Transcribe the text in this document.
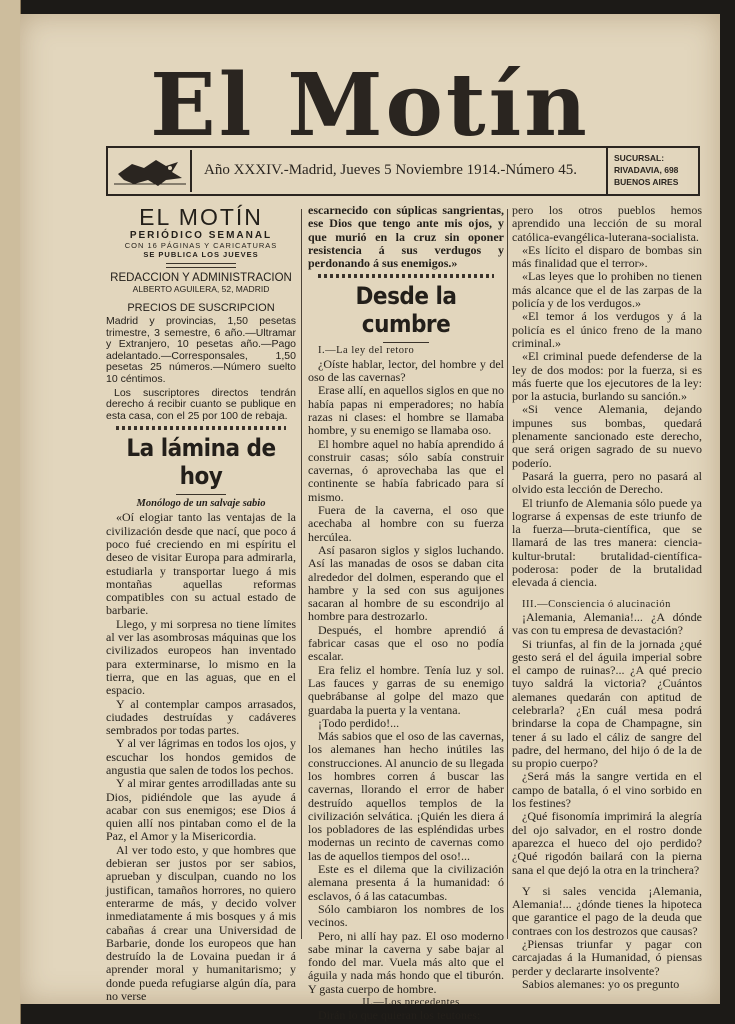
El Motín
Año XXXIV.-Madrid, Jueves 5 Noviembre 1914.-Número 45.
SUCURSAL:
RIVADAVIA, 698
BUENOS AIRES

EL MOTÍN

PERIÓDICO SEMANAL

CON 16 PÁGINAS Y CARICATURAS

SE PUBLICA LOS JUEVES

REDACCION Y ADMINISTRACION

ALBERTO AGUILERA, 52, MADRID

PRECIOS DE SUSCRIPCION

Madrid y provincias, 1,50 pesetas trimestre, 3 semestre, 6 año.—Ultramar y Extranjero, 10 pesetas año.—Pago adelantado.—Corresponsales, 1,50 pesetas 25 números.—Número suelto 10 céntimos.

Los suscriptores directos tendrán derecho á recibir cuanto se publique en esta casa, con el 25 por 100 de rebaja.

La lámina de hoy
Monólogo de un salvaje sabio

«Oí elogiar tanto las ventajas de la civilización desde que nací, que poco á poco fué creciendo en mi espíritu el deseo de visitar Europa para admirarla, estudiarla y transportar luego á mis montañas aquellas reformas compatibles con su actual estado de barbarie.

Llego, y mi sorpresa no tiene límites al ver las asombrosas máquinas que los civilizados europeos han inventado para exterminarse, lo mismo en la tierra, que en las aguas, que en el espacio.

Y al contemplar campos arrasados, ciudades destruídas y cadáveres sembrados por todas partes.

Y al ver lágrimas en todos los ojos, y escuchar los hondos gemidos de angustia que salen de todos los pechos.

Y al mirar gentes arrodilladas ante su Dios, pidiéndole que las ayude á acabar con sus enemigos; ese Dios á quien allí nos pintaban como el de la Paz, el Amor y la Misericordia.

Al ver todo esto, y que hombres que debieran ser justos por ser sabios, aprueban y disculpan, cuando no los justifican, tamaños horrores, no quiero enterarme de más, y decido volver inmediatamente á mis bosques y á mis cabañas á crear una Universidad de Barbarie, donde los europeos que han destruído la de Lovaina puedan ir á aprender moral y humanitarismo; y donde pueda refugiarse algún día, para no verse

escarnecido con súplicas sangrientas, ese Dios que tengo ante mis ojos, y que murió en la cruz sin oponer resistencia á sus verdugos y perdonando á sus enemigos.»

Desde la cumbre

I.—La ley del retoro

¿Oíste hablar, lector, del hombre y del oso de las cavernas?

Erase allí, en aquellos siglos en que no había papas ni emperadores; no había razas ni clases: el hombre se llamaba hombre, y su enemigo se llamaba oso.

El hombre aquel no había aprendido á construir casas; sólo sabía construir cavernas, ó aprovechaba las que el continente se había fabricado para sí mismo.

Fuera de la caverna, el oso que acechaba al hombre con su fuerza hercúlea.

Así pasaron siglos y siglos luchando. Así las manadas de osos se daban cita alrededor del dolmen, esperando que el hambre y la sed con sus aguijones sacaran al hombre de su escondrijo al hombre para destrozarlo.

Después, el hombre aprendió á fabricar casas que el oso no podía escalar.

Era feliz el hombre. Tenía luz y sol. Las fauces y garras de su enemigo quebrábanse al golpe del mazo que guardaba la puerta y la ventana.

¡Todo perdido!...

Más sabios que el oso de las cavernas, los alemanes han hecho inútiles las construcciones. Al anuncio de su llegada los hombres corren á buscar las cavernas, llorando el error de haber destruído aquellos templos de la civilización selvática. ¡Quién les diera á los pobladores de las espléndidas urbes modernas un recinto de cavernas como las de aquellos tiempos del oso!...

Este es el dilema que la civilización alemana presenta á la humanidad: ó esclavos, ó á las catacumbas.

Sólo cambiaron los nombres de los vecinos.

Pero, ni allí hay paz. El oso moderno sabe minar la caverna y sabe bajar al fondo del mar. Vuela más alto que el águila y nada más hondo que el tiburón. Y gasta cuerpo de hombre.

II.—Los precedentes

Dirán lo que quieran los teutones:

pero los otros pueblos hemos aprendido una lección de su moral católica-evangélica-luterana-socialista.

«Es lícito el disparo de bombas sin más finalidad que el terror».

«Las leyes que lo prohiben no tienen más alcance que el de las zarpas de la policía y de los verdugos.»

«El temor á los verdugos y á la policía es el único freno de la mano criminal.»

«El criminal puede defenderse de la ley de dos modos: por la fuerza, si es más fuerte que los ejecutores de la ley: por la astucia, burlando su sanción.»

«Si vence Alemania, dejando impunes sus bombas, quedará plenamente sancionado este derecho, que será origen sagrado de su nuevo poderío.

Pasará la guerra, pero no pasará al olvido esta lección de Derecho.

El triunfo de Alemania sólo puede ya lograrse á expensas de este triunfo de la fuerza—bruta-científica, que se llamará de las tres manera: ciencia-kultur-brutal: brutalidad-científica-poderosa: poder de la brutalidad elevada á ciencia.

III.—Consciencia ó alucinación

¡Alemania, Alemania!... ¿A dónde vas con tu empresa de devastación?

Si triunfas, al fin de la jornada ¿qué gesto será el del águila imperial sobre el campo de ruinas?... ¿A qué precio tuyo saldrá la victoria? ¿Cuántos alemanes quedarán con aptitud de celebrarla? ¿En cuál mesa podrá brindarse la copa de Champagne, sin tener á su lado el cáliz de sangre del padre, del hermano, del hijo ó de la de su propio cuerpo?

¿Será más la sangre vertida en el campo de batalla, ó el vino sorbido en los festines?

¿Qué fisonomía imprimirá la alegría del ojo salvador, en el rostro donde aparezca el hueco del ojo perdido? ¿Qué rigodón bailará con la pierna sana el que dejó la otra en la trinchera?

Y si sales vencida ¡Alemania, Alemania!... ¿dónde tienes la hipoteca que garantice el pago de la deuda que contraes con los destrozos que causas?

¿Piensas triunfar y pagar con carcajadas á la Humanidad, ó piensas perder y declararte insolvente?

Sabios alemanes: yo os pregunto
